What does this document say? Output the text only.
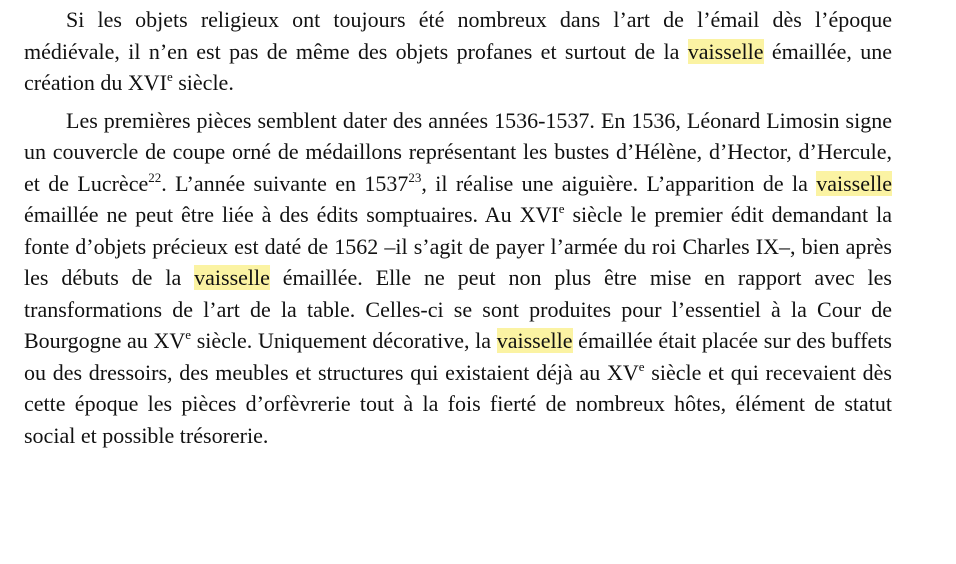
Si les objets religieux ont toujours été nombreux dans l’art de l’émail dès l’époque médiévale, il n’en est pas de même des objets profanes et surtout de la vaisselle émaillée, une création du XVIe siècle.

Les premières pièces semblent dater des années 1536-1537. En 1536, Léonard Limosin signe un couvercle de coupe orné de médaillons représentant les bustes d’Hélène, d’Hector, d’Hercule, et de Lucrèce$^{22}$. L’année suivante en 1537$^{23}$, il réalise une aiguière. L’apparition de la vaisselle émaillée ne peut être liée à des édits somptuaires. Au XVIe siècle le premier édit demandant la fonte d’objets précieux est daté de 1562 –il s’agit de payer l’armée du roi Charles IX–, bien après les débuts de la vaisselle émaillée. Elle ne peut non plus être mise en rapport avec les transformations de l’art de la table. Celles-ci se sont produites pour l’essentiel à la Cour de Bourgogne au XVe siècle. Uniquement décorative, la vaisselle émaillée était placée sur des buffets ou des dressoirs, des meubles et structures qui existaient déjà au XVe siècle et qui recevaient dès cette époque les pièces d’orfèvrerie tout à la fois fierté de nombreux hôtes, élément de statut social et possible trésorerie.
